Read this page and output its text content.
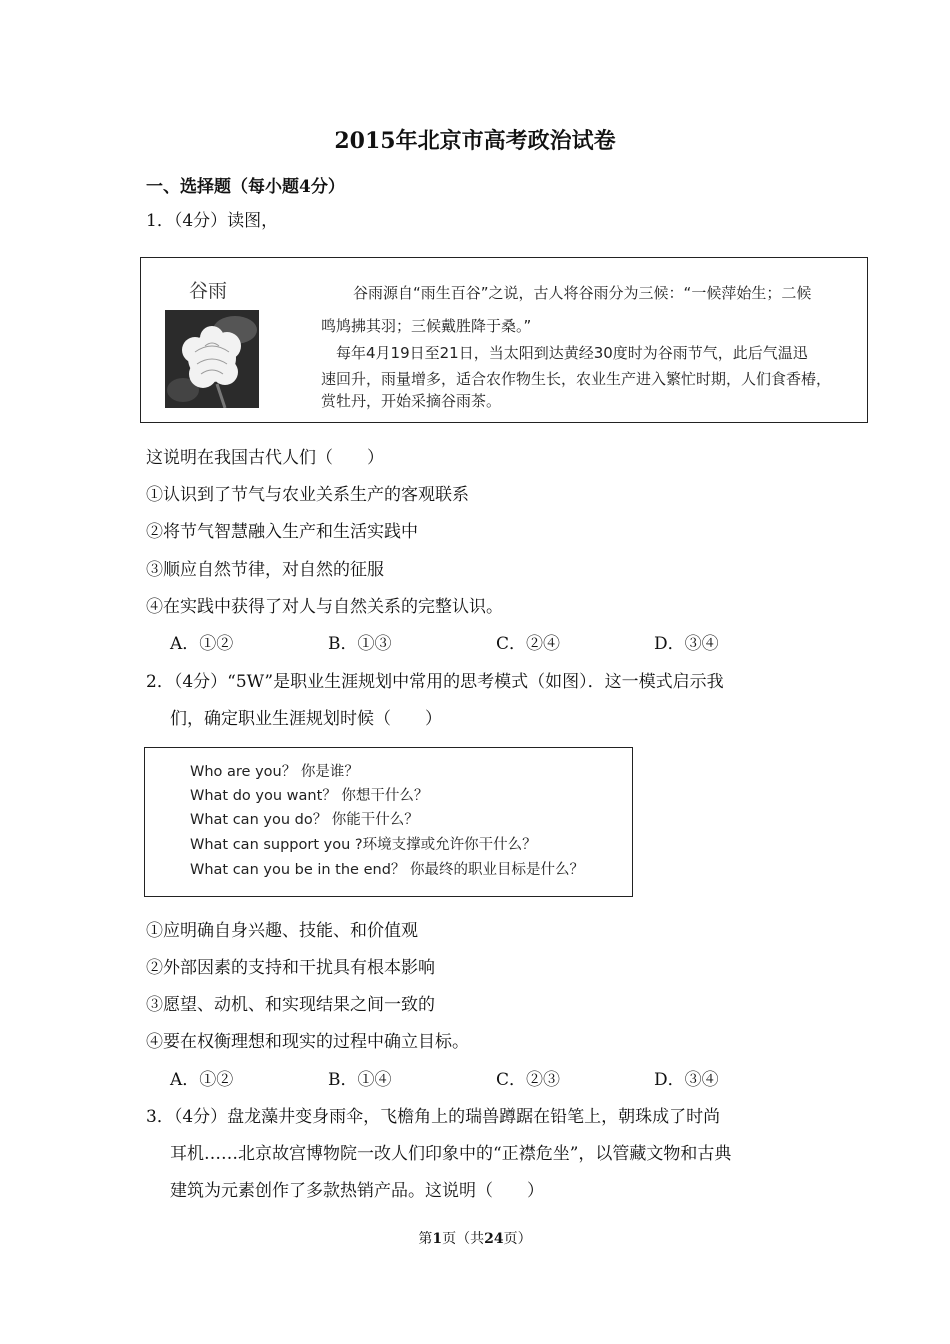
2015年北京市高考政治试卷
一、选择题（每小题4分）
1．（4分）读图，
谷雨	谷雨源自“雨生百谷”之说，古人将谷雨分为三候：“一候萍始生；二候
鸣鸠拂其羽；三候戴胜降于桑。”
每年4月19日至21日，当太阳到达黄经30度时为谷雨节气，此后气温迅
速回升，雨量增多，适合农作物生长，农业生产进入繁忙时期，人们食香椿，
赏牡丹，开始采摘谷雨茶。
这说明在我国古代人们（　　）
①认识到了节气与农业关系生产的客观联系
②将节气智慧融入生产和生活实践中
③顺应自然节律，对自然的征服
④在实践中获得了对人与自然关系的完整认识。
A．①②	B．①③	C．②④	D．③④
2．（4分）“5W”是职业生涯规划中常用的思考模式（如图）．这一模式启示我
们，确定职业生涯规划时候（　　）
Who are you？ 你是谁？
What do you want？ 你想干什么？
What can you do？ 你能干什么？
What can support you ?环境支撑或允许你干什么？
What can you be in the end？ 你最终的职业目标是什么？
①应明确自身兴趣、技能、和价值观
②外部因素的支持和干扰具有根本影响
③愿望、动机、和实现结果之间一致的
④要在权衡理想和现实的过程中确立目标。
A．①②	B．①④	C．②③	D．③④
3．（4分）盘龙藻井变身雨伞，飞檐角上的瑞兽蹲踞在铅笔上，朝珠成了时尚
耳机……北京故宫博物院一改人们印象中的“正襟危坐”，以管藏文物和古典
建筑为元素创作了多款热销产品。这说明（　　）
第1页（共24页）
